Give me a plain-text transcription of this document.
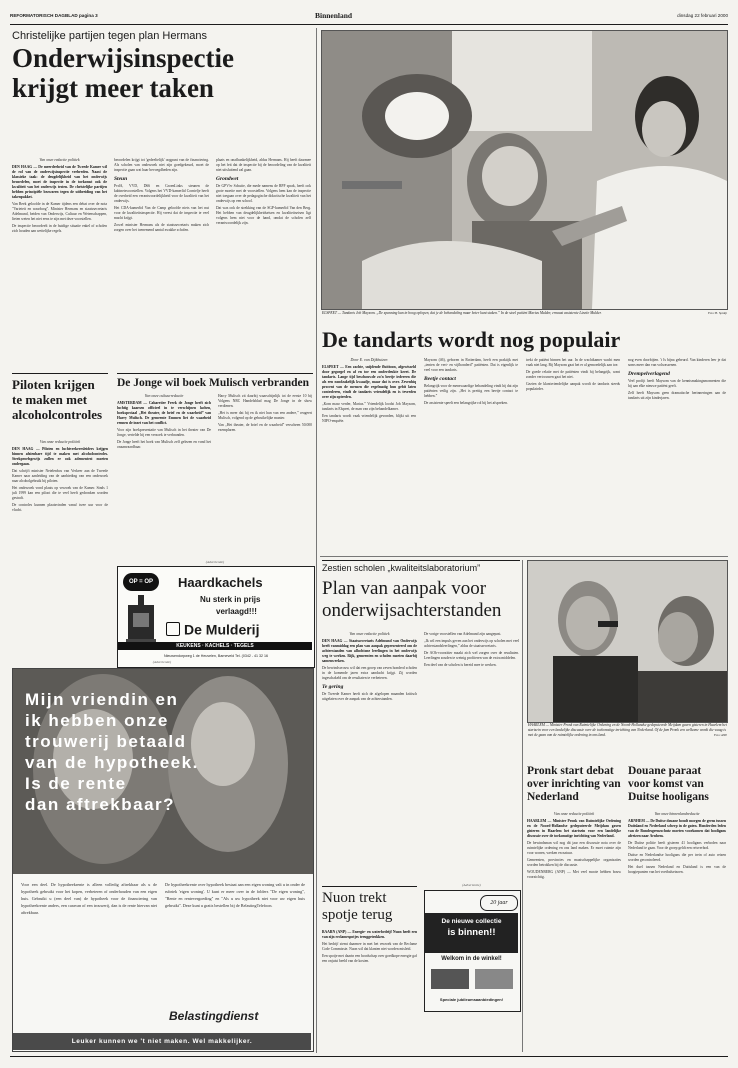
REFORMATORISCH DAGBLAD pagina 3	Binnenland	dinsdag 22 februari 2000
Christelijke partijen tegen plan Hermans
Onderwijsinspectie
krijgt meer taken
Van onze redactie politiek

DEN HAAG — De meerderheid van de Tweede Kamer wil de rol van de onderwijsinspectie verbreden. Naast de klassieke taak: de deugdelijkheid van het onderwijs beoordelen, moet de inspectie in de toekomst ook de kwaliteit van het onderwijs testen. De christelijke partijen hebben principiële bezwaren tegen de uitbreiding van het takenpakket.

Van Beek geloofde in de Kamer tijdens een debat over de nota "Varieteit en waarborg". Minister Hermans en staatssecretaris Adelmund, beiden van Onderwijs, Cultuur en Wetenschappen, lieten weten het niet eens te zijn met deze voorstellen.

De inspectie beoordeelt in de huidige situatie enkel of scholen zich houden aan wettelijke regels.

beoordelen krijgt tot 'gedeeltelijk' oogpunt van de financiering. Als scholen van onderzoek niet zijn goedgekeurd, moet de inspectie gaan wat haar bevoegdheden zijn.

Steun

PvdA, VVD, D66 en GroenLinks steunen de kabinetsvoorstellen. Volgens het VVD-kamerlid Cornielje heeft de overheid een verantwoordelijkheid voor de kwaliteit van het onderwijs.

Het CDA-kamerlid Van de Camp geloofde niets van het nut voor de kwaliteitsinspectie. Hij vreest dat de inspectie te veel macht krijgt.

Zowel minister Hermans als de staatssecretaris maken zich zorgen over het toenemend aantal zwakke scholen.

plaats en onafhankelijkheid, aldus Hermans. Hij heeft daarmee op het feit dat de inspectie bij de beoordeling van de kwaliteit niet uitsluitend zal gaan.

Grondwet

De GPV'er Schutte, die mede namens de RPF sprak, heeft ook grote moeite met de voorstellen. Volgens hem kan de inspectie niet toegaan over de pedagogische didactische kwaliteit van het onderwijs op een school.

Dat was ook de strekking van de SGP-kamerlid Van den Berg. Het hebben van deugdelijkheidseisen en kwaliteitseisen ligt volgens hem niet voor de hand, omdat de scholen zelf verantwoordelijk zijn.

ELSPEET — Tandarts Job Maysom. „De spanning kan in hoog oplopen, dat je de behandeling maar beter kunt staken.” In de stoel patiënt Marius Mulder, ernaast assistente Lizette Mulder.	Foto: H. Spruijt
De tandarts wordt nog populair
Door E. van Dijkhuizen

ELSPEET — Een zachte, snijdende fluittoon, afgewisseld door gegorgel en af en toe een onderdrukte kreet. De tandarts. Lange tijd beschouwde zo'n beetje iedereen die als een noodzakelijk kwaadje, maar dat is over. Zevenhiq procent van de mensen die regelmatig hun gebit laten controleren, vindt de tandarts vriendelijk en is tevreden over zijn optreden.

„Kom maar verder, Marius.” Vriendelijk loodst Job Maysom, tandarts in Elspeet, de man van zijn behandelkamer.

Een tandarts wordt vaak vriendelijk gevonden, blijkt uit een NIPO-enquête.

Maysom (46), geboren in Rotterdam, heeft een praktijk met „tenten de vert- en vijfhonderd” patiënten. Dat is eigenlijk te veel voor een tandarts.

Beetje contact

Belangrijk voor de menswaardige behandeling vindt hij dat zijn patiënten veilig zijn. „Het is prettig een beetje contact te hebben.”

De assistente speelt een belangrijke rol bij het afspreken.

trekt de patiënt binnen het uur. In de wachtkamer wacht men vaak niet lang. Bij Maysom gaat het er al gemoedelijk aan toe.

De goede relatie met de patiënten vindt hij belangrijk, want zonder vertrouwen gaat het niet.

Gezien de klantvriendelijke aanpak wordt de tandarts steeds populairder.

nog even doorbijten. 't Is bijna gebeurd. Van kinderen leer je dat soms meer dan van volwassenen.

Drempelverlagend

Veel profijt heeft Maysom van de kennismakingsmomenten die hij aan elke nieuwe patiënt geeft.

Zelf heeft Maysom geen dramatische herinneringen aan de tandarts uit zijn kinderjaren.

Piloten krijgen te maken met alcoholcontroles
Van onze redactie politiek

DEN HAAG — Piloten en luchtverkeersleiders krijgen binnen afzienbare tijd te maken met alcoholcontroles. Steekproefsgewijs zullen er ook adementest moeten ondergaan.

Dat schrijft minister Netelenbos van Verkeer aan de Tweede Kamer naar aanleiding van de aanbieding van een onderzoek naar alcoholgebruik bij piloten.

Het onderzoek vond plaats op verzoek van de Kamer. Sinds 1 juli 1999 kan een piloot die te veel heeft gedronken worden gestraft.

De controles kunnen plaatsvinden vanaf twee uur voor de vlucht.

De Jonge wil boek Mulisch verbranden
Van onze cultuurredactie

AMSTERDAM — Cabaretier Freek de Jonge heeft zich luchtig kaarsen officieel in te verschijnen lachen, boekspeciaal „Het theater, de brief en de waarheid” van Harry Mulisch. De gemeente Emmen liet de waarheid rennen de inzet van het conflict.

Voor zijn boekpresentatie van Mulisch in het theater van De Jonge, vertelde hij een verzoek te verbranden.

De Jonge heeft het boek van Mulisch zelf gelezen en vond het onaanvaardbaar.

Harry Mulisch zit daarbij waarschijnlijk tot de eerste 10 bij Volgens NRC Handelsblad mag De Jonge in de show verdienen.

„Het is meer dat hij en ik niet hun van een andere,” reageert Mulisch, volgend op de gebruikelijke manier.

Van „Het theater, de brief en de waarheid” verscheen 50.000 exemplaren.

(Advertentie)
OP = OP	Haardkachels
Nu sterk in prijs
verlaagd!!!
De Mulderij
KEUKENS · KACHELS · TEGELS
Nieuwendorpweg 1 de Heuvelen, Barneveld Tel. (0342 - 41 32 16
(Advertentie)
Mijn vriendin en
ik hebben onze
trouwerij betaald
van de hypotheek.
Is de rente
dan aftrekbaar?

Voor een deel. De hypotheekrente is alleen volledig aftrekbaar als u de hypotheek gebruikt voor het kopen, verbeteren of onderhouden van een eigen huis. Gebruikt u (een deel van) de hypotheek voor de financiering van hypotheekrente anders, een caravan of een trouwerij, dan is de rente hiervan niet aftrekbaar.

De hypotheekrente over hypotheek bestaat aan een eigen woning valt u in onder de rubriek 'eigen woning'. U kunt er meer over in de folders "De eigen woning", "Rente en rentevergoeding" en "Als u uw hypotheek niet voor uw eigen huis gebruikt". Deze kunt u gratis bestellen bij de BelastingTelefoon.

Belastingdienst
Leuker kunnen we 't niet maken. Wel makkelijker.
Zestien scholen „kwaliteitslaboratorium”
Plan van aanpak voor
onderwijsachterstanden
Van onze redactie politiek

DEN HAAG — Staatssecretaris Adelmund van Onderwijs heeft vanmiddag een plan van aanpak gepresenteerd om de achterstanden van allochtone leerlingen in het onderwijs weg te werken. Rijk, gemeenten en scholen moeten daarbij samenwerken.

De bewindsvrouw wil dat een groep van zeven honderd scholen in de komende jaren extra aandacht krijgt. Zij worden ingeschakeld om de resultaten te verbeteren.

Te gering

De Tweede Kamer heeft zich de afgelopen maanden kritisch uitgelaten over de aanpak van de achterstanden.

De vorige voorstellen van Adelmund zijn aangepast.

„Ik wil een impuls geven aan het onderwijs op scholen met veel achterstandsleerlingen,” aldus de staatssecretaris.

De AOb-voorzitter maakt zich wel zorgen over de resultaten. Leerlingen zouden te weinig profiteren van de extra middelen.

Een deel van de scholen is bereid mee te werken.

HAARLEM — Minister Pronk van Ruimtelijke Ordening en de Noord-Hollandse gedeputeerde Meijdam gaven gisteren in Haarlem het startsein voor een landelijke discussie over de toekomstige inrichting van Nederland. Of de fam Pronk een welkome wordt die waag is met de gaan van de ruimtelijke ordening in ons land.	Foto: ANP
Pronk start debat over inrichting van Nederland
Van onze redactie politiek

HAARLEM — Minister Pronk van Ruimtelijke Ordening en de Noord-Hollandse gedeputeerde Meijdam gaven gisteren in Haarlem het startsein voor een landelijke discussie over de toekomstige inrichting van Nederland.

De bewindsman wil nog dit jaar een discussie nota over de ruimtelijke ordening en ons land maken. Er moet ruimte zijn voor wonen, werken en natuur.

Gemeenten, provincies en maatschappelijke organisaties worden betrokken bij de discussie.

WOUDENBERG (ANP) — Met veel mooie hebben bouw voorzichtig.

Douane paraat voor komst van Duitse hooligans
Van onze binnenlandredactie

ARNHEM — De Duitse douane houdt morgen de grens tussen Duitsland en Nederland scherp in de gaten. Honderden leden van de Bundesgrenzschutz moeten voorkomen dat hooligans afreizen naar Arnhem.

De Duitse politie heeft gisteren 41 hooligans verboden naar Nederland te gaan. Voor de groep geldt een reisverbod.

Duitse en Nederlandse hooligans die per trein of auto reizen worden gecontroleerd.

Het duel tussen Nederland en Duitsland is een van de hoogtepunten van het voetbalseizoen.

Nuon trekt
spotje terug

BAARN (ANP) — Energie- en waterbedrijf Nuon heeft een van zijn reclamespotjes teruggetrokken.

Het bedrijf stemt daarmee in met het verzoek van de Reclame Code Commissie. Nuon wil dat klanten niet worden misleid.

Een spotje met daarin een boodschap over goedkope energie gaf een onjuist beeld van de kosten.

(Advertentie)
20 jaar
De nieuwe collectie
is binnen!!
Welkom in de winkel!
Speciale jubileumsaanbiedingen!
